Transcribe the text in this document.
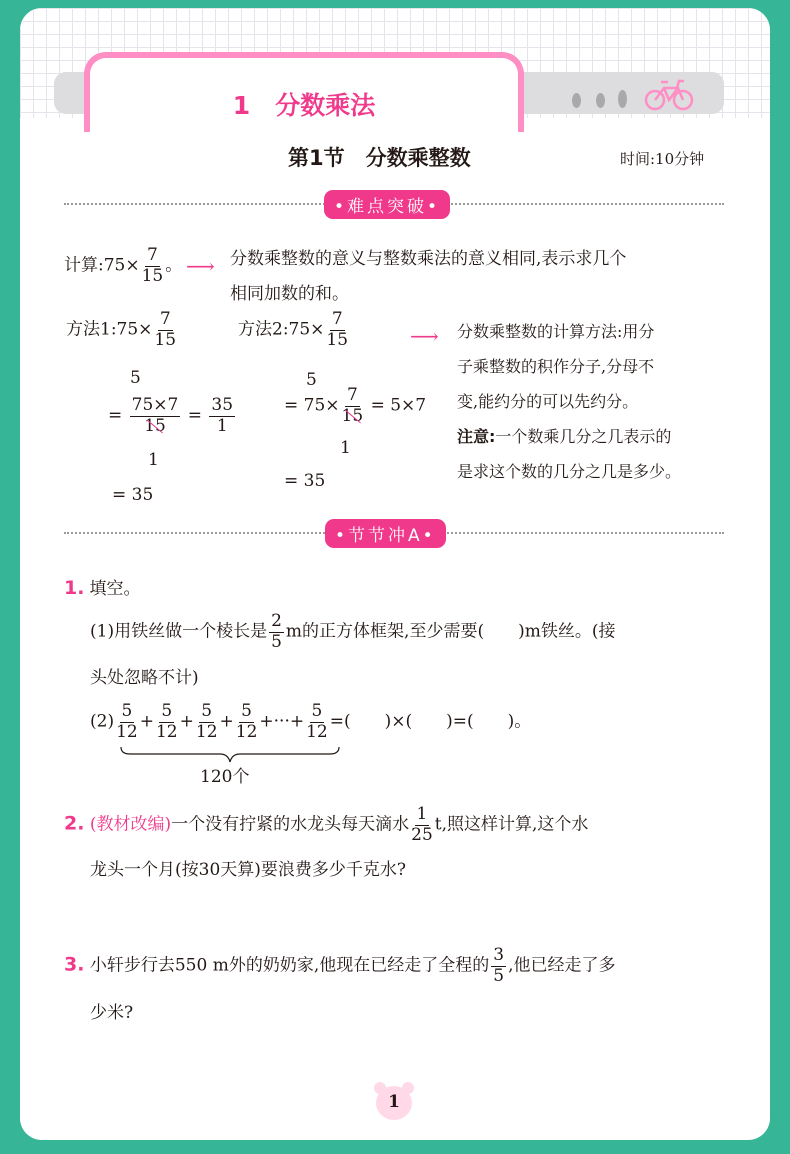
1　分数乘法
第1节　分数乘整数	时间:10分钟
•难点突破•
计算:75× $\frac{7}{15}$ 。 ⟶ 分数乘整数的意义与整数乘法的意义相同,表示求几个
相同加数的和。
方法1:75× $\frac{7}{15}$
5
= $\frac{75\times 7}{15} = \frac{35}{1}$
1
= 35
方法2:75× $\frac{7}{15}$
5
= $75\times \frac{7}{15} = 5\times 7$
1
= 35
⟶ 分数乘整数的计算方法:用分
子乘整数的积作分子,分母不
变,能约分的可以先约分。
注意:一个数乘几分之几表示的
是求这个数的几分之几是多少。
•节节冲A•
1. 填空。
(1)用铁丝做一个棱长是 $\frac{2}{5}$ m的正方体框架,至少需要(　　)m铁丝。(接
头处忽略不计)
$(2) \frac{5}{12} + \frac{5}{12} + \frac{5}{12} + \frac{5}{12}$ +···+ $\frac{5}{12}$ =(　　)×(　　)=(　　)。
120个
2. (教材改编)一个没有拧紧的水龙头每天滴水 $\frac{1}{25} t$,照这样计算,这个水
龙头一个月(按30天算)要浪费多少千克水?
3. 小轩步行去550 m外的奶奶家,他现在已经走了全程的 $\frac{3}{5}$ ,他已经走了多
少米?
1
